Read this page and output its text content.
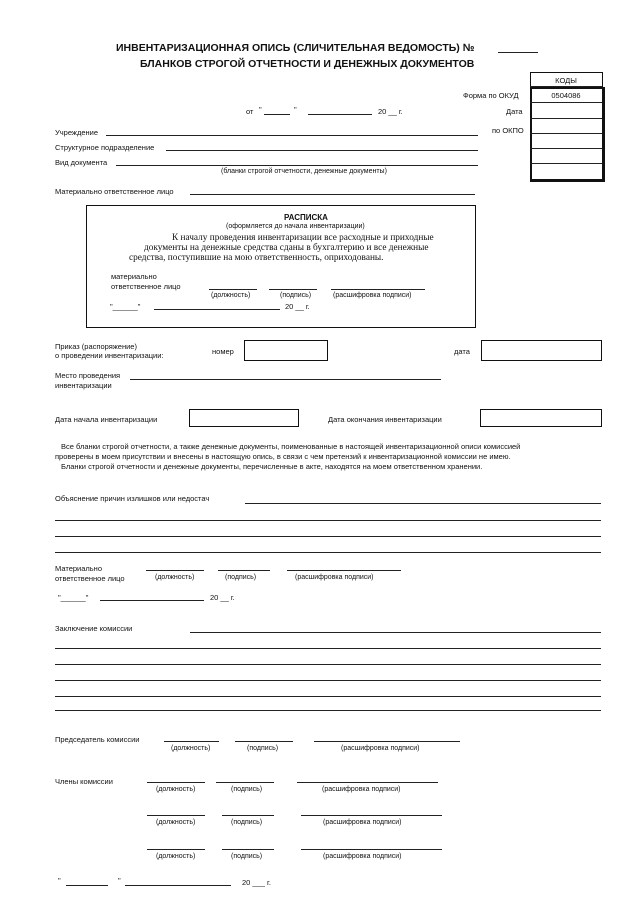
ИНВЕНТАРИЗАЦИОННАЯ ОПИСЬ (СЛИЧИТЕЛЬНАЯ ВЕДОМОСТЬ) №
БЛАНКОВ СТРОГОЙ ОТЧЕТНОСТИ И ДЕНЕЖНЫХ ДОКУМЕНТОВ
КОДЫ
0504086
Форма по ОКУД
Дата
по ОКПО
от "	"	20 __ г.
Учреждение
Структурное подразделение
Вид документа
(бланки строгой отчетности, денежные документы)
Материально ответственное лицо
РАСПИСКА
(оформляется до начала инвентаризации)
К началу проведения инвентаризации все расходные и приходные
документы на денежные средства сданы в бухгалтерию и все денежные
средства, поступившие на мою ответственность, оприходованы.
материально
ответственное лицо
(должность)	(подпись)	(расшифровка подписи)
"______"	20 __ г.
Приказ (распоряжение)
о проведении инвентаризации:	номер	дата
Место проведения
инвентаризации
Дата начала инвентаризации	Дата окончания инвентаризации
Все бланки строгой отчетности, а также денежные документы, поименованные в настоящей инвентаризационной описи комиссией
проверены в моем присутствии и внесены в настоящую опись, в связи с чем претензий к инвентаризационной комиссии не имею.
Бланки строгой отчетности и денежные документы, перечисленные в акте, находятся на моем ответственном хранении.
Объяснение причин излишков или недостач
Материально
ответственное лицо	(должность)	(подпись)	(расшифровка подписи)
"______"	20 __ г.
Заключение комиссии
Председатель комиссии
(должность)	(подпись)	(расшифровка подписи)
Члены комиссии
(должность)	(подпись)	(расшифровка подписи)
(должность)	(подпись)	(расшифровка подписи)
(должность)	(подпись)	(расшифровка подписи)
"	"	20 ___ г.
